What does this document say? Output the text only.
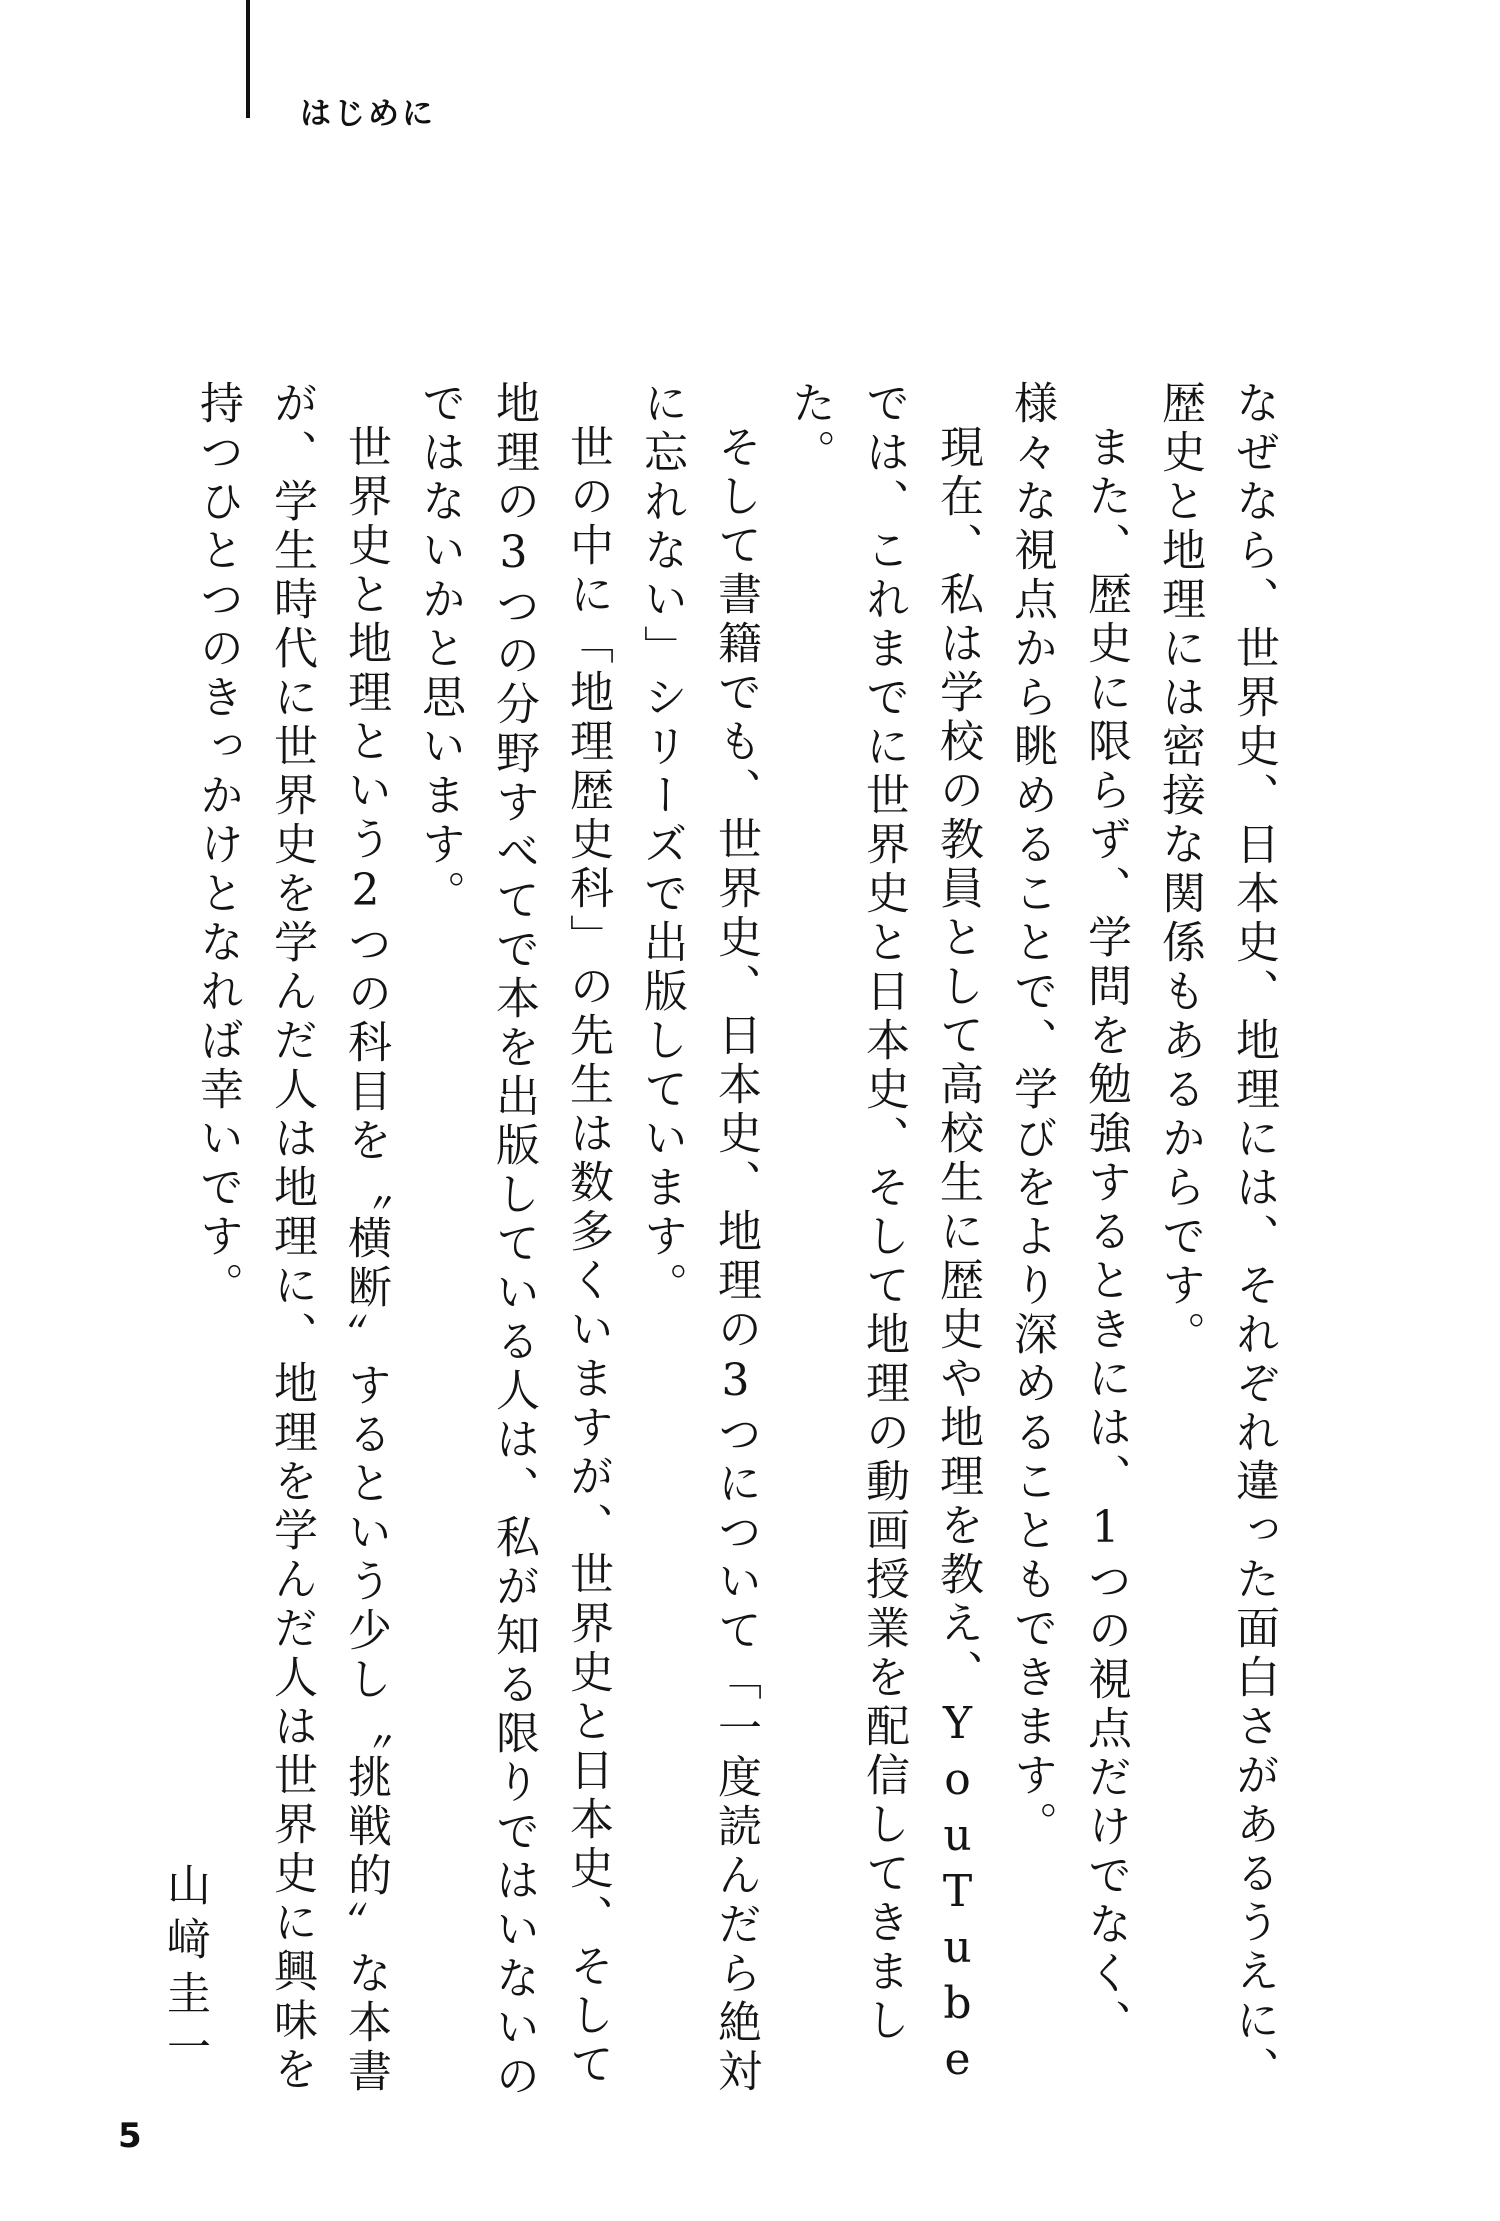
はじめに

なぜなら、世界史、日本史、地理には、それぞれ違った面白さがあるうえに、歴史と地理には密接な関係もあるからです。

また、歴史に限らず、学問を勉強するときには、1つの視点だけでなく、様々な視点から眺めることで、学びをより深めることもできます。

現在、私は学校の教員として高校生に歴史や地理を教え、YouTubeでは、これまでに世界史と日本史、そして地理の動画授業を配信してきました。

そして書籍でも、世界史、日本史、地理の3つについて「一度読んだら絶対に忘れない」シリーズで出版しています。

世の中に「地理歴史科」の先生は数多くいますが、世界史と日本史、そして地理の3つの分野すべてで本を出版している人は、私が知る限りではいないのではないかと思います。

世界史と地理という2つの科目を〝横断〟するという少し〝挑戦的〟な本書が、学生時代に世界史を学んだ人は地理に、地理を学んだ人は世界史に興味を持つひとつのきっかけとなれば幸いです。

山﨑圭一
5
